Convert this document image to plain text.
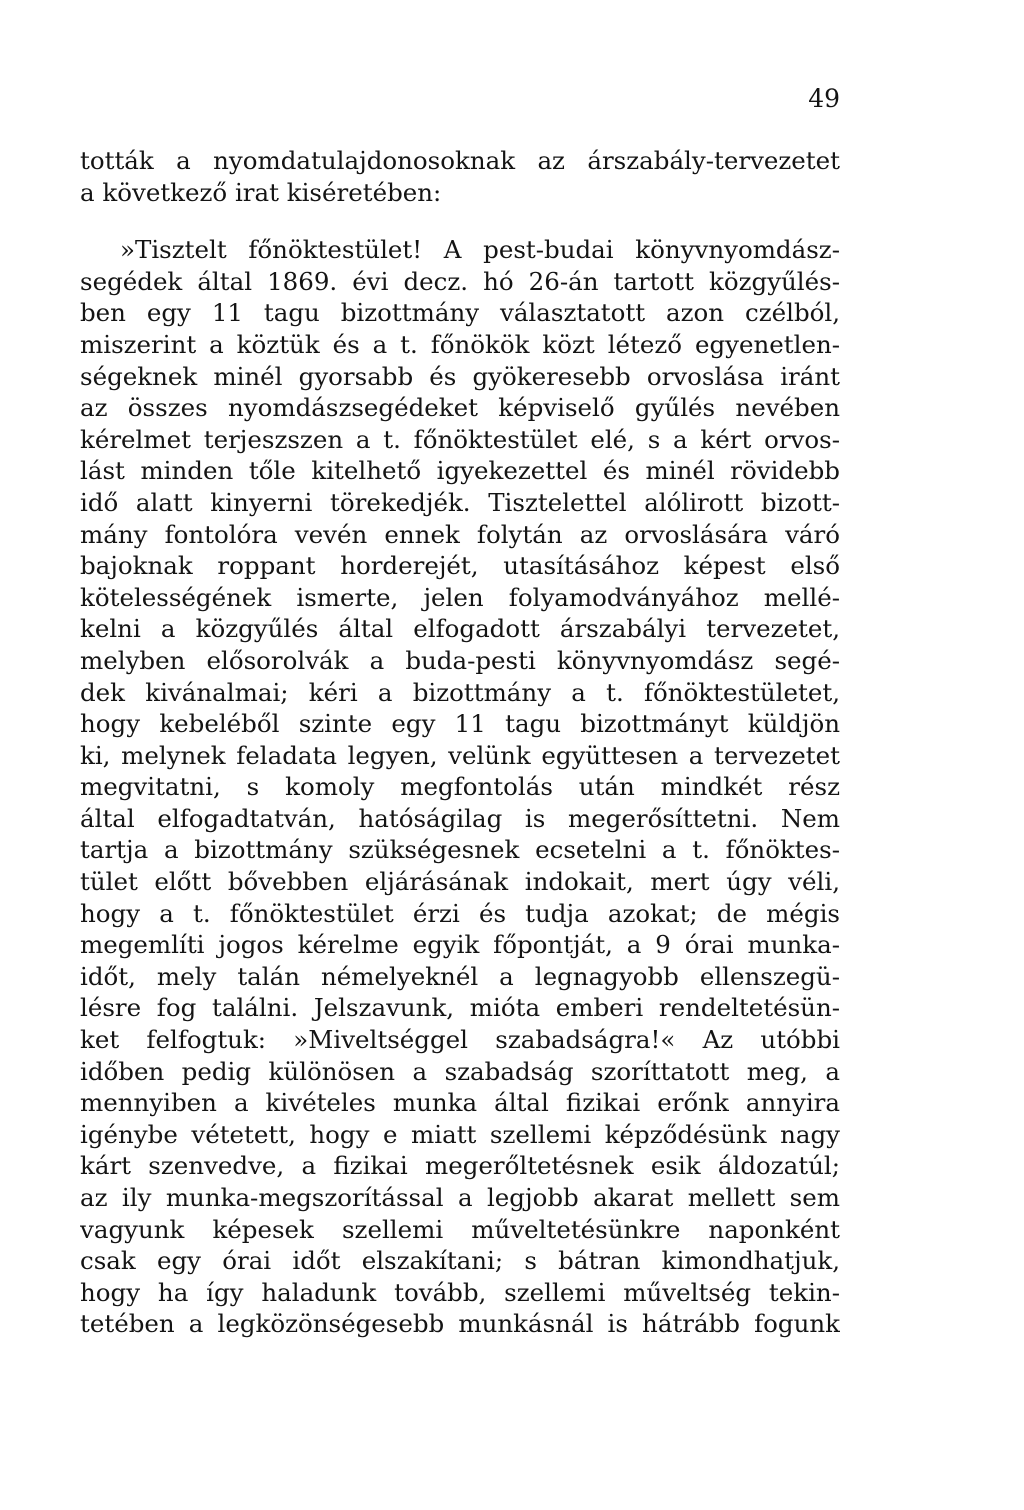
49
tották a nyomdatulajdonosoknak az árszabály-tervezetet
a következő irat kiséretében:
»Tisztelt főnöktestület! A pest-budai könyvnyomdász-
segédek által 1869. évi decz. hó 26-án tartott közgyűlés-
ben egy 11 tagu bizottmány választatott azon czélból,
miszerint a köztük és a t. főnökök közt létező egyenetlen-
ségeknek minél gyorsabb és gyökeresebb orvoslása iránt
az összes nyomdászsegédeket képviselő gyűlés nevében
kérelmet terjeszszen a t. főnöktestület elé, s a kért orvos-
lást minden tőle kitelhető igyekezettel és minél rövidebb
idő alatt kinyerni törekedjék. Tisztelettel alólirott bizott-
mány fontolóra vevén ennek folytán az orvoslására váró
bajoknak roppant horderejét, utasításához képest első
kötelességének ismerte, jelen folyamodványához mellé-
kelni a közgyűlés által elfogadott árszabályi tervezetet,
melyben elősorolvák a buda-pesti könyvnyomdász segé-
dek kivánalmai; kéri a bizottmány a t. főnöktestületet,
hogy kebeléből szinte egy 11 tagu bizottmányt küldjön
ki, melynek feladata legyen, velünk együttesen a tervezetet
megvitatni, s komoly megfontolás után mindkét rész
által elfogadtatván, hatóságilag is megerősíttetni. Nem
tartja a bizottmány szükségesnek ecsetelni a t. főnöktes-
tület előtt bővebben eljárásának indokait, mert úgy véli,
hogy a t. főnöktestület érzi és tudja azokat; de mégis
megemlíti jogos kérelme egyik főpontját, a 9 órai munka-
időt, mely talán némelyeknél a legnagyobb ellenszegü-
lésre fog találni. Jelszavunk, mióta emberi rendeltetésün-
ket felfogtuk: »Miveltséggel szabadságra!« Az utóbbi
időben pedig különösen a szabadság szoríttatott meg, a
mennyiben a kivételes munka által fizikai erőnk annyira
igénybe vétetett, hogy e miatt szellemi képződésünk nagy
kárt szenvedve, a fizikai megerőltetésnek esik áldozatúl;
az ily munka-megszorítással a legjobb akarat mellett sem
vagyunk képesek szellemi műveltetésünkre naponként
csak egy órai időt elszakítani; s bátran kimondhatjuk,
hogy ha így haladunk tovább, szellemi műveltség tekin-
tetében a legközönségesebb munkásnál is hátrább fogunk
